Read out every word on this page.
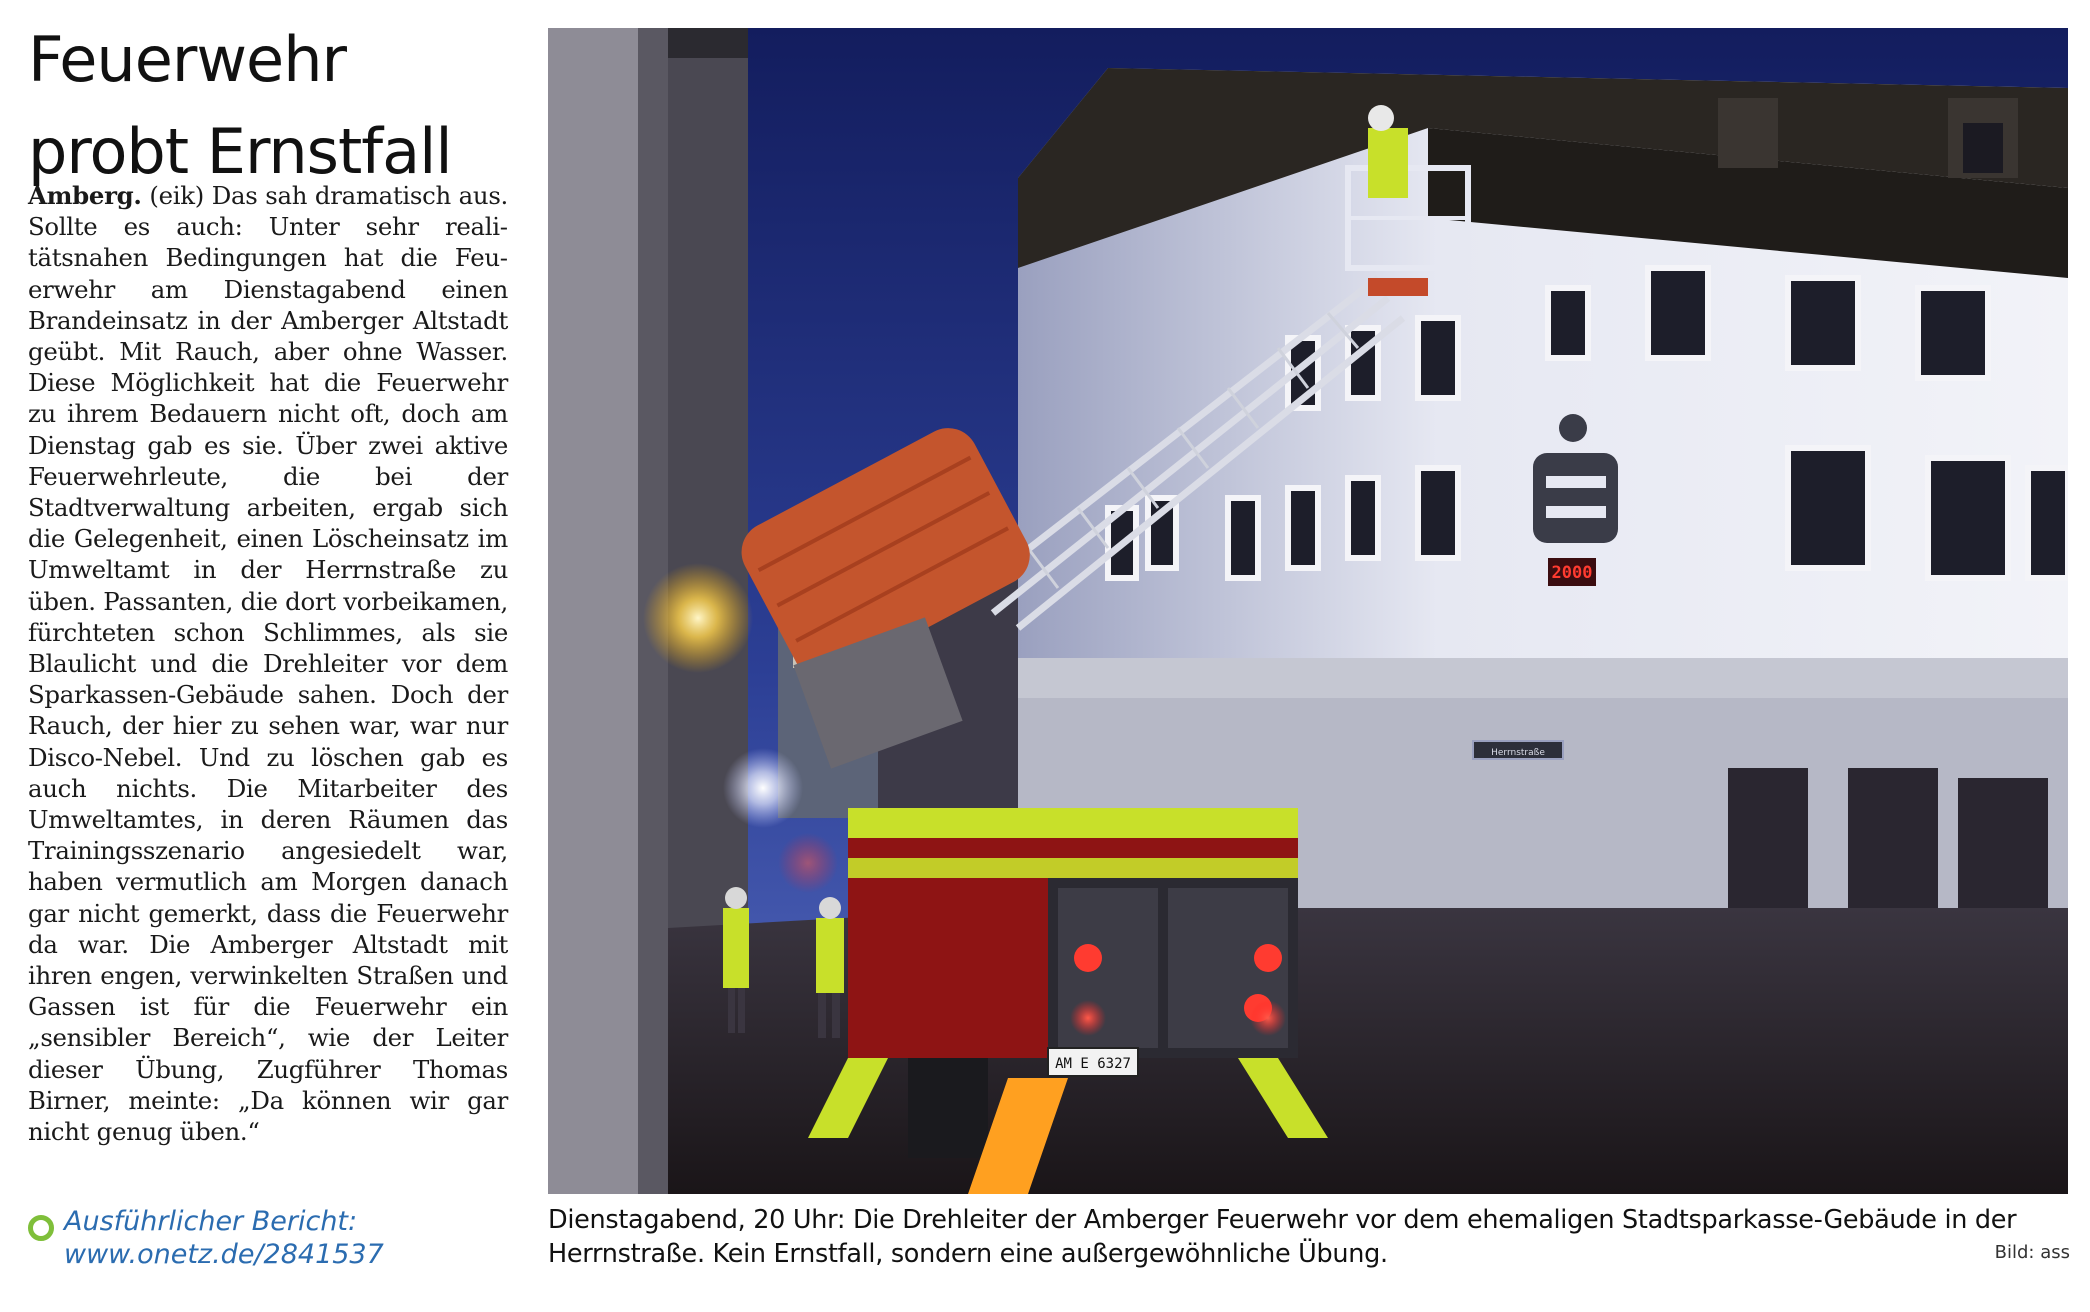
Feuerwehr
probt Ernstfall
Amberg. (eik) Das sah dramatisch aus. Sollte es auch: Unter sehr realitätsnahen Bedingungen hat die Feuerwehr am Dienstagabend einen Brandeinsatz in der Amberger Altstadt geübt. Mit Rauch, aber ohne Wasser. Diese Möglichkeit hat die Feuerwehr zu ihrem Bedauern nicht oft, doch am Dienstag gab es sie. Über zwei aktive Feuerwehrleute, die bei der Stadtverwaltung arbeiten, ergab sich die Gelegenheit, einen Löscheinsatz im Umweltamt in der Herrnstraße zu üben. Passanten, die dort vorbeikamen, fürchteten schon Schlimmes, als sie Blaulicht und die Drehleiter vor dem Sparkassen-Gebäude sahen. Doch der Rauch, der hier zu sehen war, war nur Disco-Nebel. Und zu löschen gab es auch nichts. Die Mitarbeiter des Umweltamtes, in deren Räumen das Trainingsszenario angesiedelt war, haben vermutlich am Morgen danach gar nicht gemerkt, dass die Feuerwehr da war. Die Amberger Altstadt mit ihren engen, verwinkelten Straßen und Gassen ist für die Feuerwehr ein „sensibler Bereich“, wie der Leiter dieser Übung, Zugführer Thomas Birner, meinte: „Da können wir gar nicht genug üben.“
Ausführlicher Bericht:
www.onetz.de/2841537
2000
Herrnstraße
AM E 6327
Dienstagabend, 20 Uhr: Die Drehleiter der Amberger Feuerwehr vor dem ehemaligen Stadtsparkasse-Gebäude in der Herrnstraße. Kein Ernstfall, sondern eine außergewöhnliche Übung.	Bild: ass
